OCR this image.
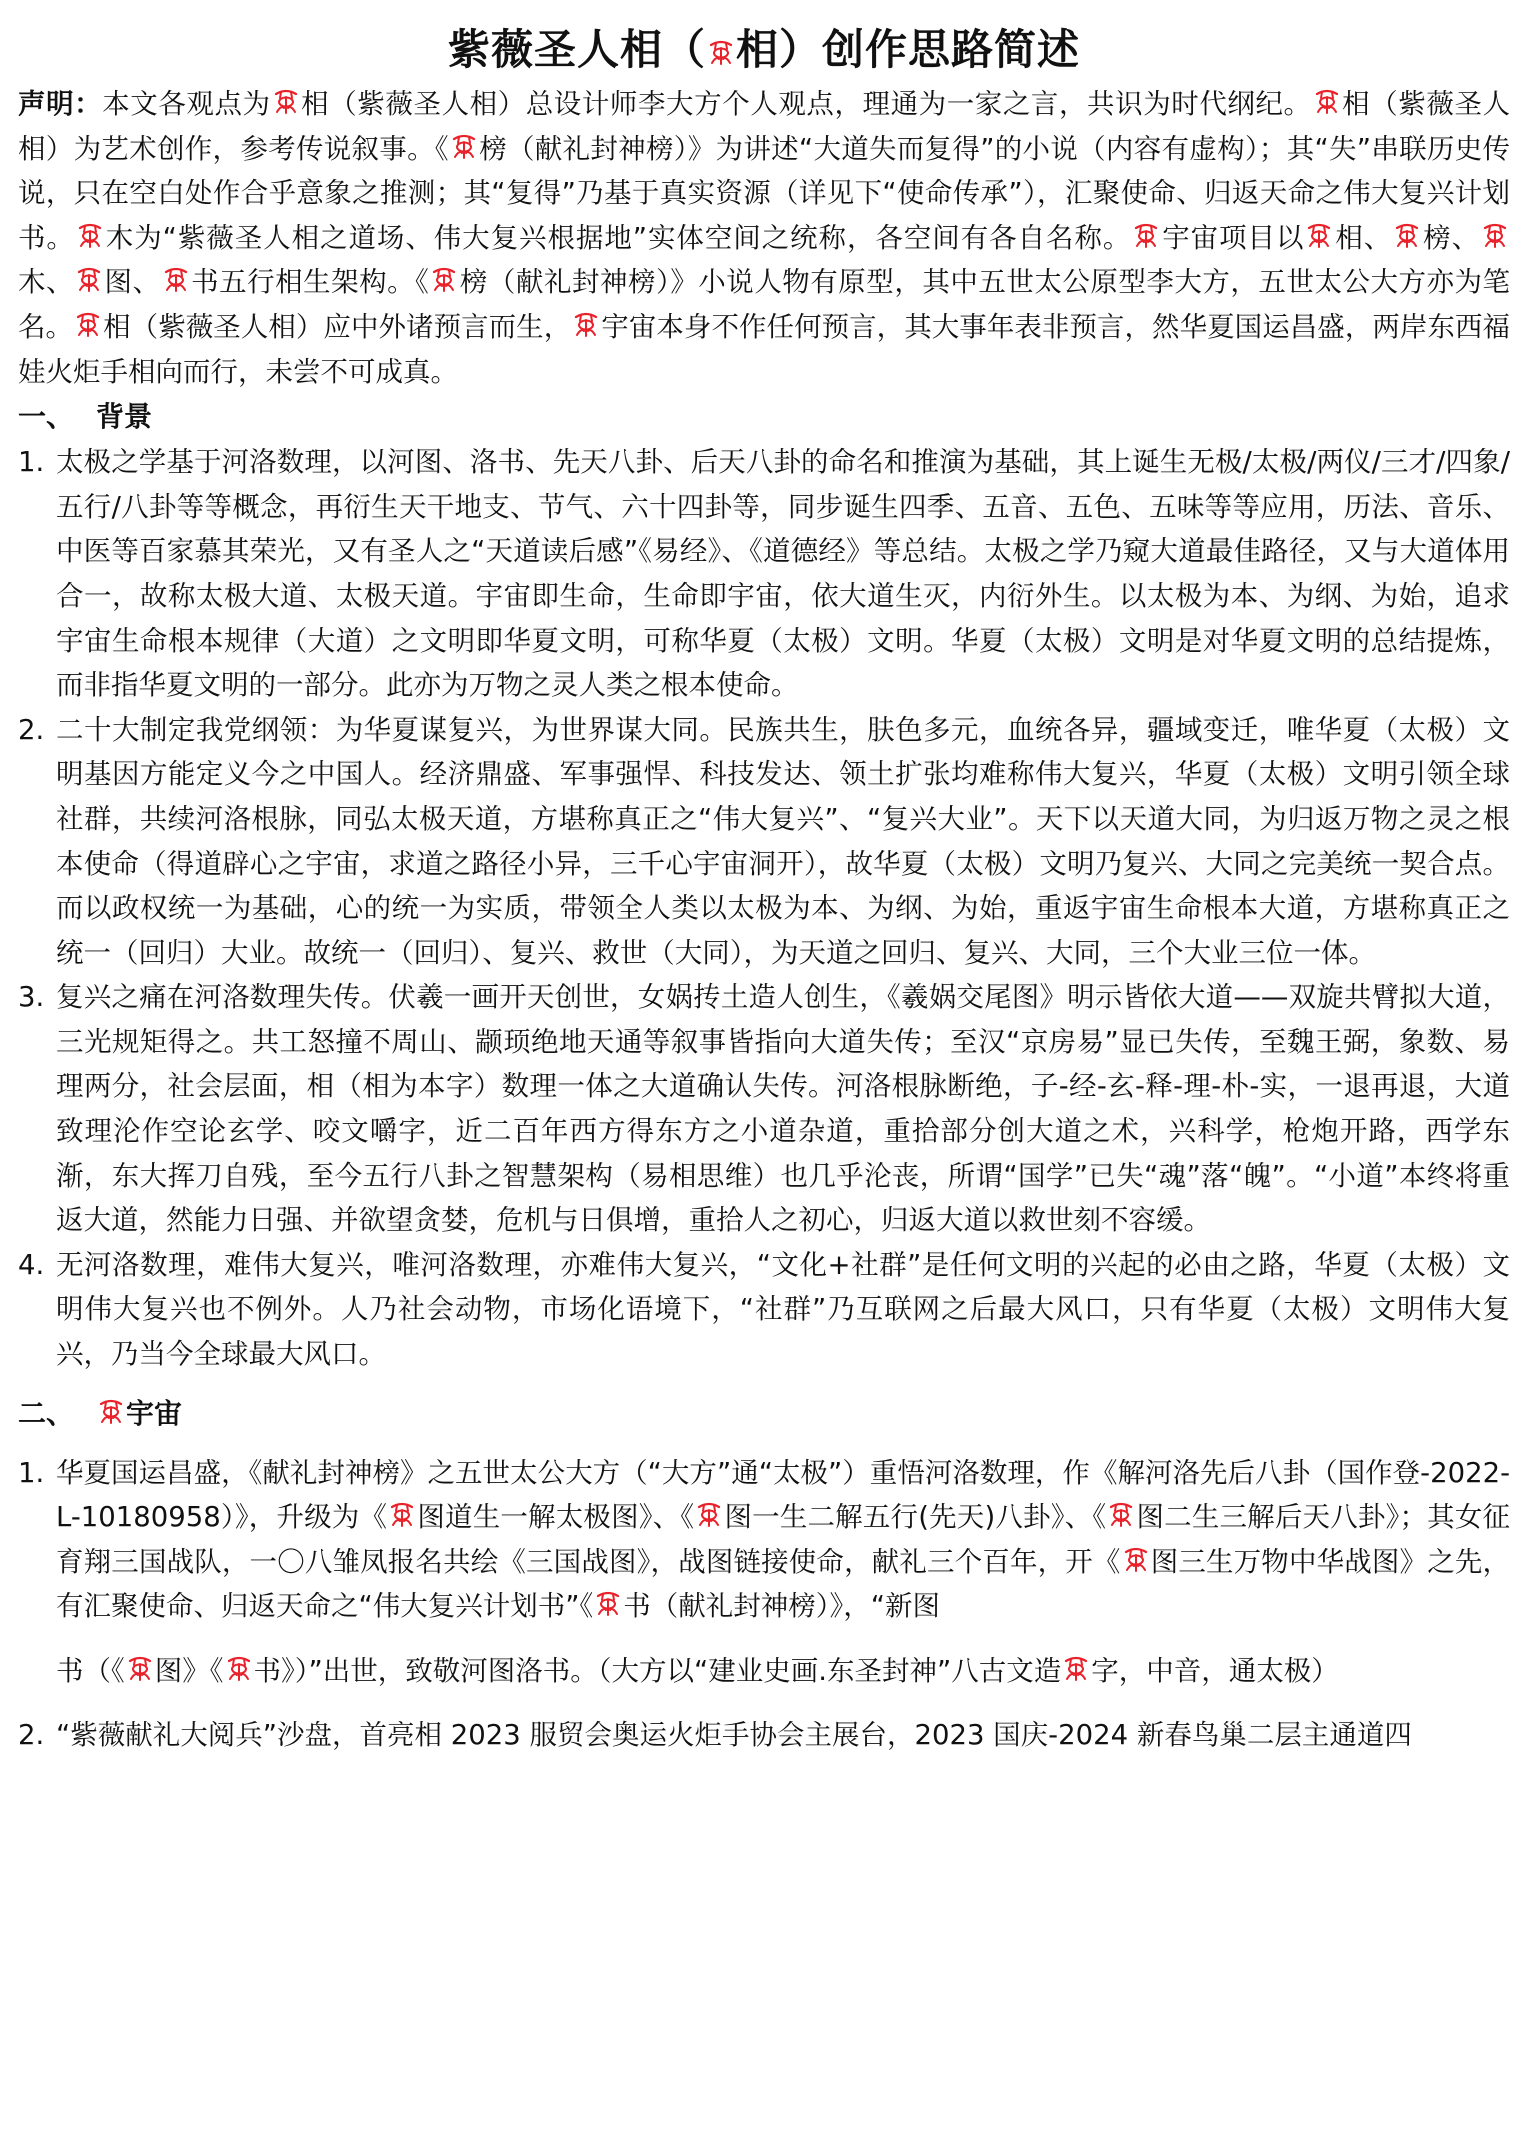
紫薇圣人相（ 相）创作思路简述
声明：本文各观点为 相（紫薇圣人相）总设计师李大方个人观点，理通为一家之言，共识为时代纲纪。 相（紫薇圣人相）为艺术创作，参考传说叙事。《 榜（献礼封神榜）》为讲述“大道失而复得”的小说（内容有虚构）；其“失”串联历史传说，只在空白处作合乎意象之推测；其“复得”乃基于真实资源（详见下“使命传承”），汇聚使命、归返天命之伟大复兴计划书。 木为“紫薇圣人相之道场、伟大复兴根据地”实体空间之统称，各空间有各自名称。 宇宙项目以 相、 榜、
木、 图、 书五行相生架构。《 榜（献礼封神榜）》小说人物有原型，其中五世太公原型李大方，五世太公大方亦为笔名。 相（紫薇圣人相）应中外诸预言而生， 宇宙本身不作任何预言，其大事年表非预言，然华夏国运昌盛，两岸东西福娃火炬手相向而行，未尝不可成真。
一、 背景
1. 太极之学基于河洛数理，以河图、洛书、先天八卦、后天八卦的命名和推演为基础，其上诞生无极/太极/两仪/三才/四象/五行/八卦等等概念，再衍生天干地支、节气、六十四卦等，同步诞生四季、五音、五色、五味等等应用，历法、音乐、中医等百家慕其荣光，又有圣人之“天道读后感”《易经》、《道德经》等总结。太极之学乃窥大道最佳路径，又与大道体用合一，故称太极大道、太极天道。宇宙即生命，生命即宇宙，依大道生灭，内衍外生。以太极为本、为纲、为始，追求宇宙生命根本规律（大道）之文明即华夏文明，可称华夏（太极）文明。华夏（太极）文明是对华夏文明的总结提炼，而非指华夏文明的一部分。此亦为万物之灵人类之根本使命。
2. 二十大制定我党纲领：为华夏谋复兴，为世界谋大同。民族共生，肤色多元，血统各异，疆域变迁，唯华夏（太极）文明基因方能定义今之中国人。经济鼎盛、军事强悍、科技发达、领土扩张均难称伟大复兴，华夏（太极）文明引领全球社群，共续河洛根脉，同弘太极天道，方堪称真正之“伟大复兴”、“复兴大业”。天下以天道大同，为归返万物之灵之根本使命（得道辟心之宇宙，求道之路径小异，三千心宇宙洞开），故华夏（太极）文明乃复兴、大同之完美统一契合点。而以政权统一为基础，心的统一为实质，带领全人类以太极为本、为纲、为始，重返宇宙生命根本大道，方堪称真正之统一（回归）大业。故统一（回归）、复兴、救世（大同），为天道之回归、复兴、大同，三个大业三位一体。
3. 复兴之痛在河洛数理失传。伏羲一画开天创世，女娲抟土造人创生，《羲娲交尾图》明示皆依大道——双旋共臂拟大道，三光规矩得之。共工怒撞不周山、颛顼绝地天通等叙事皆指向大道失传；至汉“京房易”显已失传，至魏王弼，象数、易理两分，社会层面，相（相为本字）数理一体之大道确认失传。河洛根脉断绝，子-经-玄-释-理-朴-实，一退再退，大道致理沦作空论玄学、咬文嚼字，近二百年西方得东方之小道杂道，重拾部分创大道之术，兴科学，枪炮开路，西学东渐，东大挥刀自残，至今五行八卦之智慧架构（易相思维）也几乎沦丧，所谓“国学”已失“魂”落“魄”。“小道”本终将重返大道，然能力日强、并欲望贪婪，危机与日俱增，重拾人之初心，归返大道以救世刻不容缓。
4. 无河洛数理，难伟大复兴，唯河洛数理，亦难伟大复兴，“文化+社群”是任何文明的兴起的必由之路，华夏（太极）文明伟大复兴也不例外。人乃社会动物，市场化语境下，“社群”乃互联网之后最大风口，只有华夏（太极）文明伟大复兴，乃当今全球最大风口。
二、 宇宙
1. 华夏国运昌盛，《献礼封神榜》之五世太公大方（“大方”通“太极”）重悟河洛数理，作《解河洛先后八卦（国作登-2022-L-10180958）》，升级为《 图道生一解太极图》、《 图一生二解五行(先天)八卦》、《 图二生三解后天八卦》；其女征育翔三国战队，一〇八雏凤报名共绘《三国战图》，战图链接使命，献礼三个百年，开《 图三生万物中华战图》之先，有汇聚使命、归返天命之“伟大复兴计划书”《 书（献礼封神榜）》，“新图
书（《 图》《 书》）”出世，致敬河图洛书。（大方以“建业史画.东圣封神”八古文造 字，中音，通太极）
2. “紫薇献礼大阅兵”沙盘，首亮相 2023 服贸会奥运火炬手协会主展台，2023 国庆-2024 新春鸟巢二层主通道四
